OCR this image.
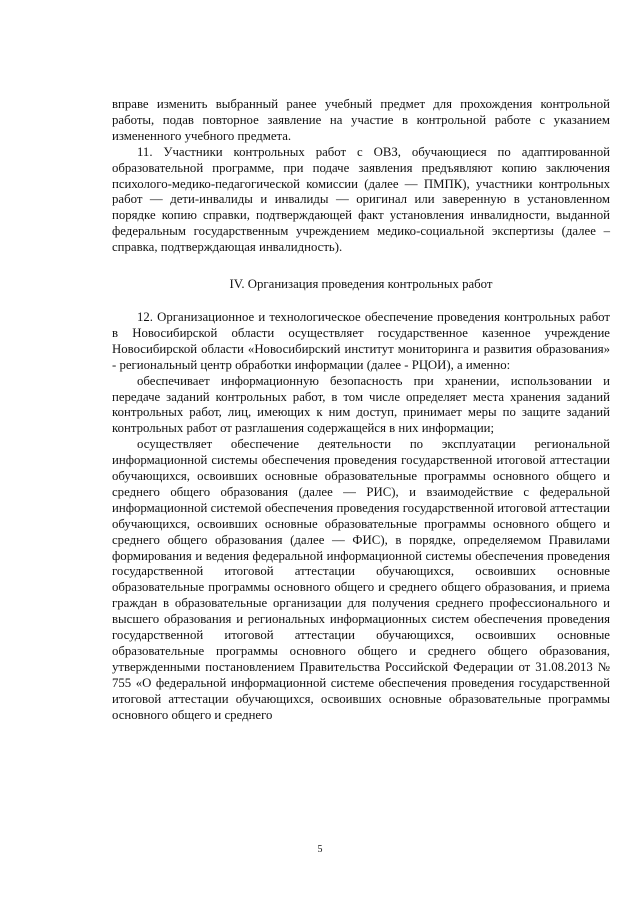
вправе изменить выбранный ранее учебный предмет для прохождения контрольной работы, подав повторное заявление на участие в контрольной работе с указанием измененного учебного предмета.

11. Участники контрольных работ с ОВЗ, обучающиеся по адаптированной образовательной программе, при подаче заявления предъявляют копию заключения психолого-медико-педагогической комиссии (далее — ПМПК), участники контрольных работ — дети-инвалиды и инвалиды — оригинал или заверенную в установленном порядке копию справки, подтверждающей факт установления инвалидности, выданной федеральным государственным учреждением медико-социальной экспертизы (далее – справка, подтверждающая инвалидность).

IV. Организация проведения контрольных работ

12. Организационное и технологическое обеспечение проведения контрольных работ в Новосибирской области осуществляет государственное казенное учреждение Новосибирской области «Новосибирский институт мониторинга и развития образования» - региональный центр обработки информации (далее - РЦОИ), а именно:

обеспечивает информационную безопасность при хранении, использовании и передаче заданий контрольных работ, в том числе определяет места хранения заданий контрольных работ, лиц, имеющих к ним доступ, принимает меры по защите заданий контрольных работ от разглашения содержащейся в них информации;

осуществляет обеспечение деятельности по эксплуатации региональной информационной системы обеспечения проведения государственной итоговой аттестации обучающихся, освоивших основные образовательные программы основного общего и среднего общего образования (далее — РИС), и взаимодействие с федеральной информационной системой обеспечения проведения государственной итоговой аттестации обучающихся, освоивших основные образовательные программы основного общего и среднего общего образования (далее — ФИС), в порядке, определяемом Правилами формирования и ведения федеральной информационной системы обеспечения проведения государственной итоговой аттестации обучающихся, освоивших основные образовательные программы основного общего и среднего общего образования, и приема граждан в образовательные организации для получения среднего профессионального и высшего образования и региональных информационных систем обеспечения проведения государственной итоговой аттестации обучающихся, освоивших основные образовательные программы основного общего и среднего общего образования, утвержденными постановлением Правительства Российской Федерации от 31.08.2013 № 755 «О федеральной информационной системе обеспечения проведения государственной итоговой аттестации обучающихся, освоивших основные образовательные программы основного общего и среднего

5
